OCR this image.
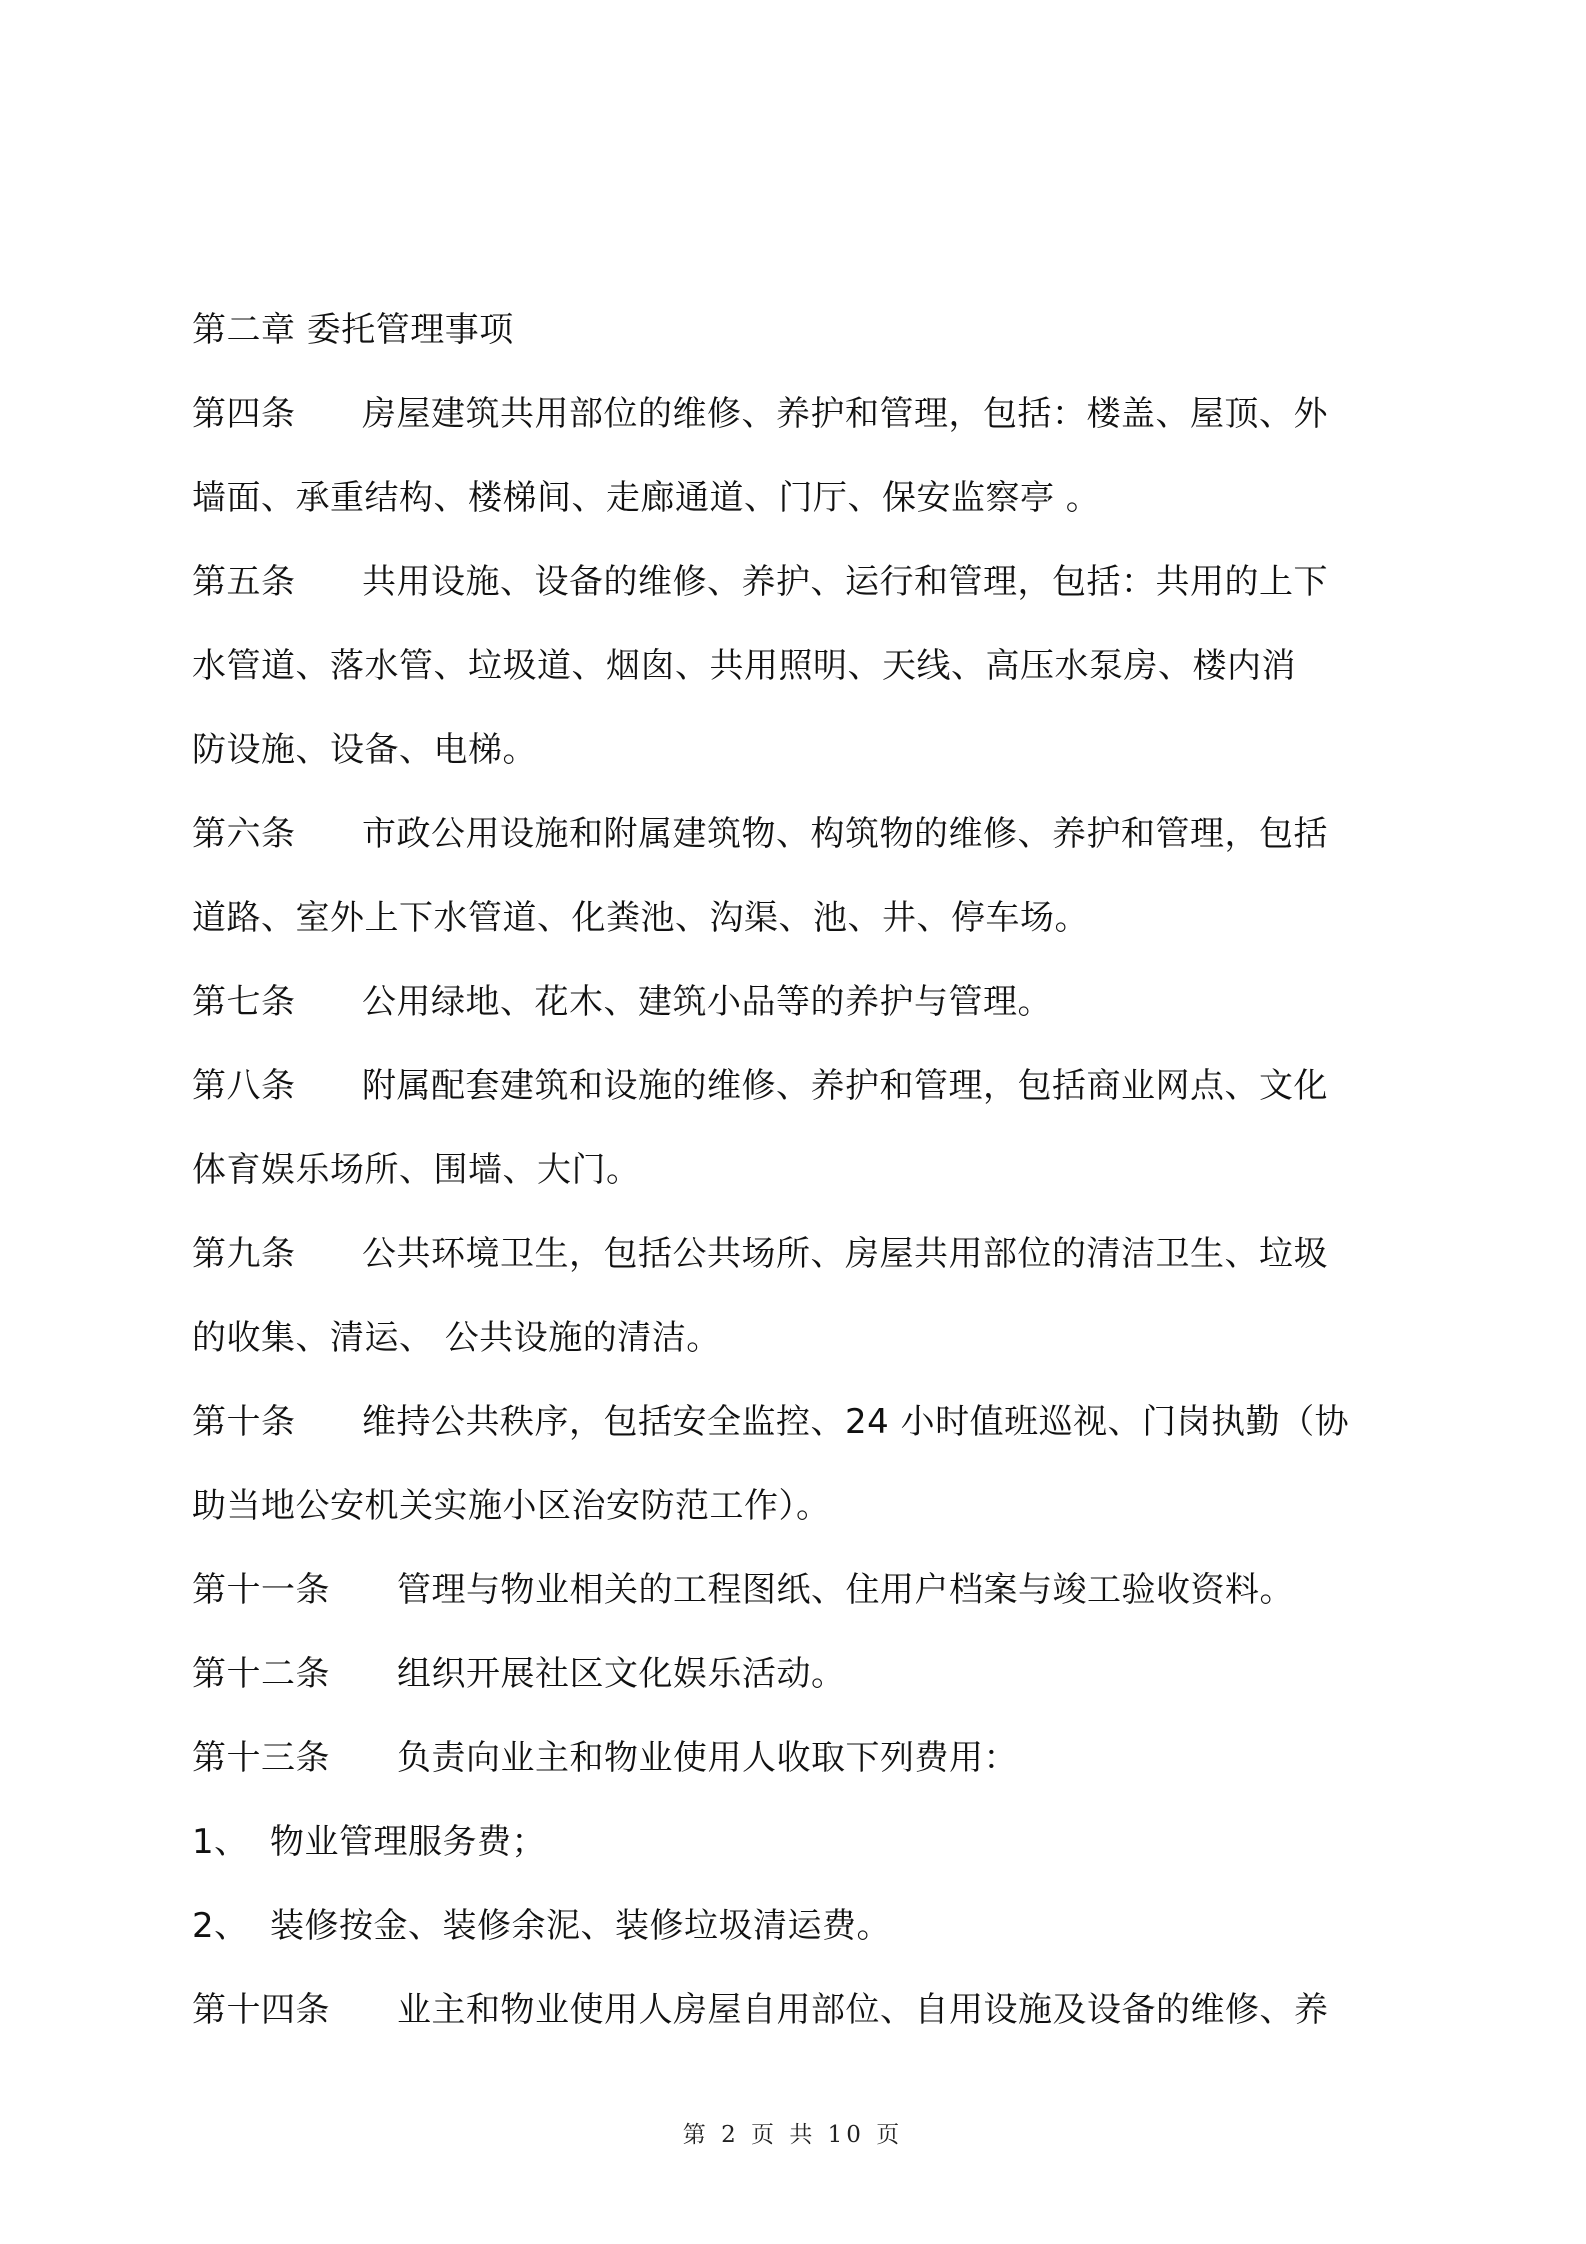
第二章 委托管理事项
第四条 房屋建筑共用部位的维修、养护和管理，包括：楼盖、屋顶、外
墙面、承重结构、楼梯间、走廊通道、门厅、保安监察亭 。
第五条 共用设施、设备的维修、养护、运行和管理，包括：共用的上下
水管道、落水管、垃圾道、烟囱、共用照明、天线、高压水泵房、楼内消
防设施、设备、电梯。
第六条 市政公用设施和附属建筑物、构筑物的维修、养护和管理，包括
道路、室外上下水管道、化粪池、沟渠、池、井、停车场。
第七条 公用绿地、花木、建筑小品等的养护与管理。
第八条 附属配套建筑和设施的维修、养护和管理，包括商业网点、文化
体育娱乐场所、围墙、大门。
第九条 公共环境卫生，包括公共场所、房屋共用部位的清洁卫生、垃圾
的收集、清运、 公共设施的清洁。
第十条 维持公共秩序，包括安全监控、24 小时值班巡视、门岗执勤（协
助当地公安机关实施小区治安防范工作）。
第十一条 管理与物业相关的工程图纸、住用户档案与竣工验收资料。
第十二条 组织开展社区文化娱乐活动。
第十三条 负责向业主和物业使用人收取下列费用：
1、 物业管理服务费；
2、 装修按金、装修余泥、装修垃圾清运费。
第十四条 业主和物业使用人房屋自用部位、自用设施及设备的维修、养
第 2 页 共 10 页
